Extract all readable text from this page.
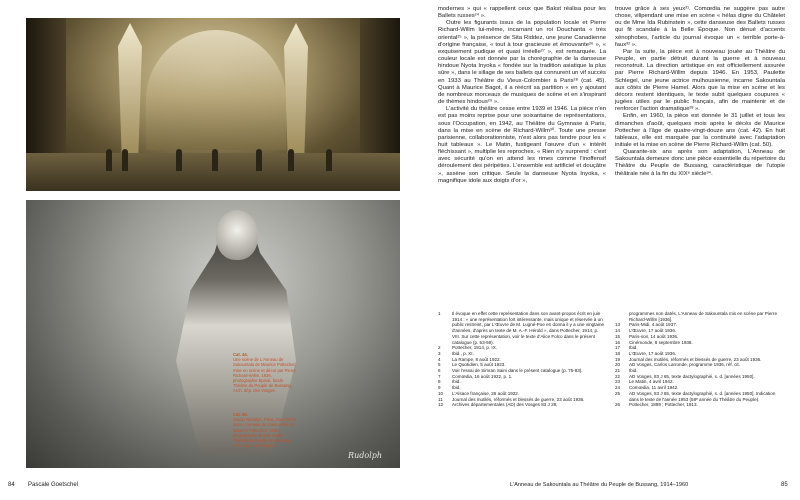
Rudolph
Cat. 44.
Une scène de L'Anneau de Sakountala de Maurice Pottecher, mise en scène et décor par Pierre Richard-Willm, 1936, photographie Epinal, fonds Théâtre du Peuple de Bussang, Arch. dép. des Vosges
Cat. 50.
Studio Rudolph, Paris, Douchanta dans L'Anneau de Sakountala de Maurice Pottecher, 1960, photographie Epinal, fonds Théâtre du Peuple de Bussang, Arch. dép. des Vosges
84 Pascale Goetschel

modernes » qui « rappellent ceux que Bakst réalisa pour les Ballets russes²⁴ ».

Outre les figurants issus de la population locale et Pierre Richard-Willm lui-même, incarnant un roi Douchanta « très oriental²⁵ », la présence de Sita Riddez, une jeune Canadienne d'origine française, « tout à tour gracieuse et émouvante²⁶ », « exquisement pudique et quasi irréelle²⁷ », est remarquée. La couleur locale est donnée par la chorégraphie de la danseuse hindoue Nyota Inyoka « fondée sur la tradition asiatique la plus sûre », dans le sillage de ses ballets qui connurent un vif succès en 1933 au Théâtre du Vieux-Colombier à Paris²⁸ (cat. 45). Quant à Maurice Bagot, il a réécrit sa partition « en y ajoutant de nombreux morceaux de musiques de scène et en s'inspirant de thèmes hindous²⁹ ».

L'activité du théâtre cesse entre 1939 et 1946. La pièce n'en est pas moins reprise pour une soixantaine de représentations, sous l'Occupation, en 1942, au Théâtre du Gymnase à Paris, dans la mise en scène de Richard-Willm³⁰. Toute une presse parisienne, collaborationniste, n'est alors pas tendre pour les « huit tableaux ». Le Matin, fustigeant l'œuvre d'un « intérêt fléchissant », multiplie les reproches. « Rien n'y surprend : c'est avec sécurité qu'on en attend les rimes comme l'inoffensif déroulement des péripéties. L'ensemble est artificiel et douçâtre », assène son critique. Seule la danseuse Nyota Inyoka, « magnifique idole aux doigts d'or »,

trouve grâce à ses yeux³¹. Comœdia ne suggère pas autre chose, vilipendant une mise en scène « hélas digne du Châtelet ou de Mme Ida Rubinstein », cette danseuse des Ballets russes qui fit scandale à la Belle Époque. Non dénué d'accents xénophobes, l'article du journal évoque un « terrible porte-à-faux³² ».

Par la suite, la pièce est à nouveau jouée au Théâtre du Peuple, en partie détruit durant la guerre et à nouveau reconstruit. La direction artistique en est officiellement assurée par Pierre Richard-Willm depuis 1946. En 1953, Paulette Schlegel, une jeune actrice mulhousienne, incarne Sakountala aux côtés de Pierre Hamel. Alors que la mise en scène et les décors restent identiques, le texte subit quelques coupures « jugées utiles par le public français, afin de maintenir et de renforcer l'action dramatique³³ ».

Enfin, en 1960, la pièce est donnée le 31 juillet et tous les dimanches d'août, quelques mois après le décès de Maurice Pottecher à l'âge de quatre-vingt-douze ans (cat. 42). En huit tableaux, elle est marquée par la continuité avec l'adaptation initiale et la mise en scène de Pierre Richard-Willm (cat. 50).

Quarante-six ans après son adaptation, L'Anneau de Sakountala demeure donc une pièce essentielle du répertoire du Théâtre du Peuple de Bussang, caractéristique de l'utopie théâtrale née à la fin du XIXᵉ siècle³⁴.

1	Il évoque en effet cette représentation dans son avant-propos écrit en juin 1914 : « une représentation fort intéressante, mais unique et réservée à un public restreint, par L'Œuvre de M. Lugné-Poe en donna il y a une vingtaine d'années, d'après un texte de M. A.-F. Hérold », dans Pottecher, 1914, p. VIII. Sur cette représentation, voir le texte d'Alice Folco dans le présent catalogue (p. 53-59).
2	Pottecher, 1914, p. IX.
3	Ibid., p. XI.
4	La Rampe, 8 août 1922.
5	Le Quotidien, 5 août 1923.
6	Voir l'essai de Simran Saini dans le présent catalogue (p. 75-83).
7	Comœdia, 16 août 1922, p. 1.
8	Ibid.
9	Ibid.
10	L'Alsace française, 26 août 1922.
11	Journal des mutilés, réformés et blessés de guerre, 23 août 1936.
12	Archives départementales (AD) des Vosges 83 J 28,
programmes non datés, L'Anneau de Sakountala mis en scène par Pierre Richard-Willm [1936].
13	Paris-Midi, 4 août 1937.
14	L'Œuvre, 17 août 1936.
15	Paris-soir, 14 août 1936.
16	Cinémonde, 8 septembre 1938.
17	Ibid.
18	L'Œuvre, 17 août 1936.
19	Journal des mutilés, réformés et blessés de guerre, 23 août 1936.
20	AD Vosges, Carlos Larronde, programme 1936, réf. cit.
21	Ibid.
22	AD Vosges, 83 J 65, texte dactylographié, s. d. [années 1950].
23	Le Matin, 4 avril 1942.
24	Comœdia, 11 avril 1942.
25	AD Vosges, 83 J 65, texte dactylographié, s. d. [années 1950]. Indication dans le texte de l'année 1953 (58ᵉ année du Théâtre du Peuple).
26	Pottecher, 1899 ; Pottecher, 1913.
L'Anneau de Sakountala au Théâtre du Peuple de Bussang, 1914–1960	85
